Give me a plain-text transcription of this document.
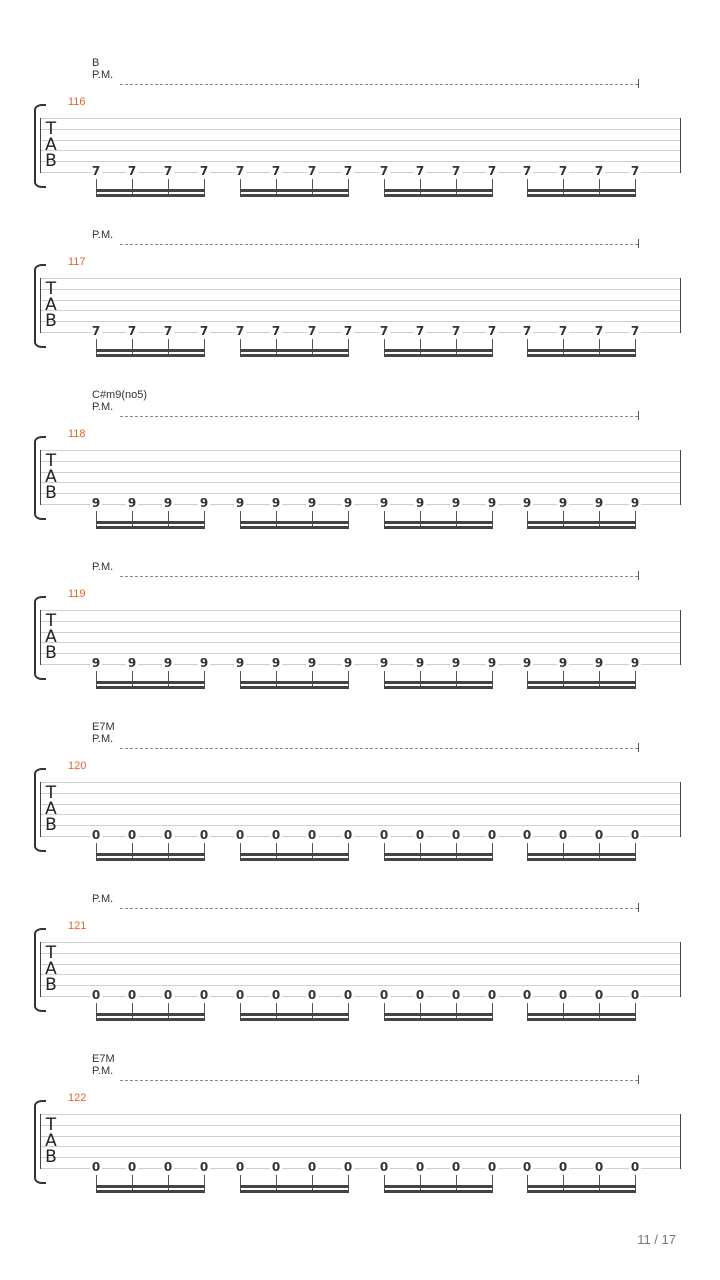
B
P.M.
116
T
A
B	7 7 7 7 7 7 7 7 7 7 7 7 7 7 7 7
P.M.
117
T
A
B	7 7 7 7 7 7 7 7 7 7 7 7 7 7 7 7
C#m9(no5)
P.M.
118
T
A
B	9 9 9 9 9 9 9 9 9 9 9 9 9 9 9 9
P.M.
119
T
A
B	9 9 9 9 9 9 9 9 9 9 9 9 9 9 9 9
E7M
P.M.
120
T
A
B	0 0 0 0 0 0 0 0 0 0 0 0 0 0 0 0
P.M.
121
T
A
B	0 0 0 0 0 0 0 0 0 0 0 0 0 0 0 0
E7M
P.M.
122
T
A
B	0 0 0 0 0 0 0 0 0 0 0 0 0 0 0 0
11 / 17
